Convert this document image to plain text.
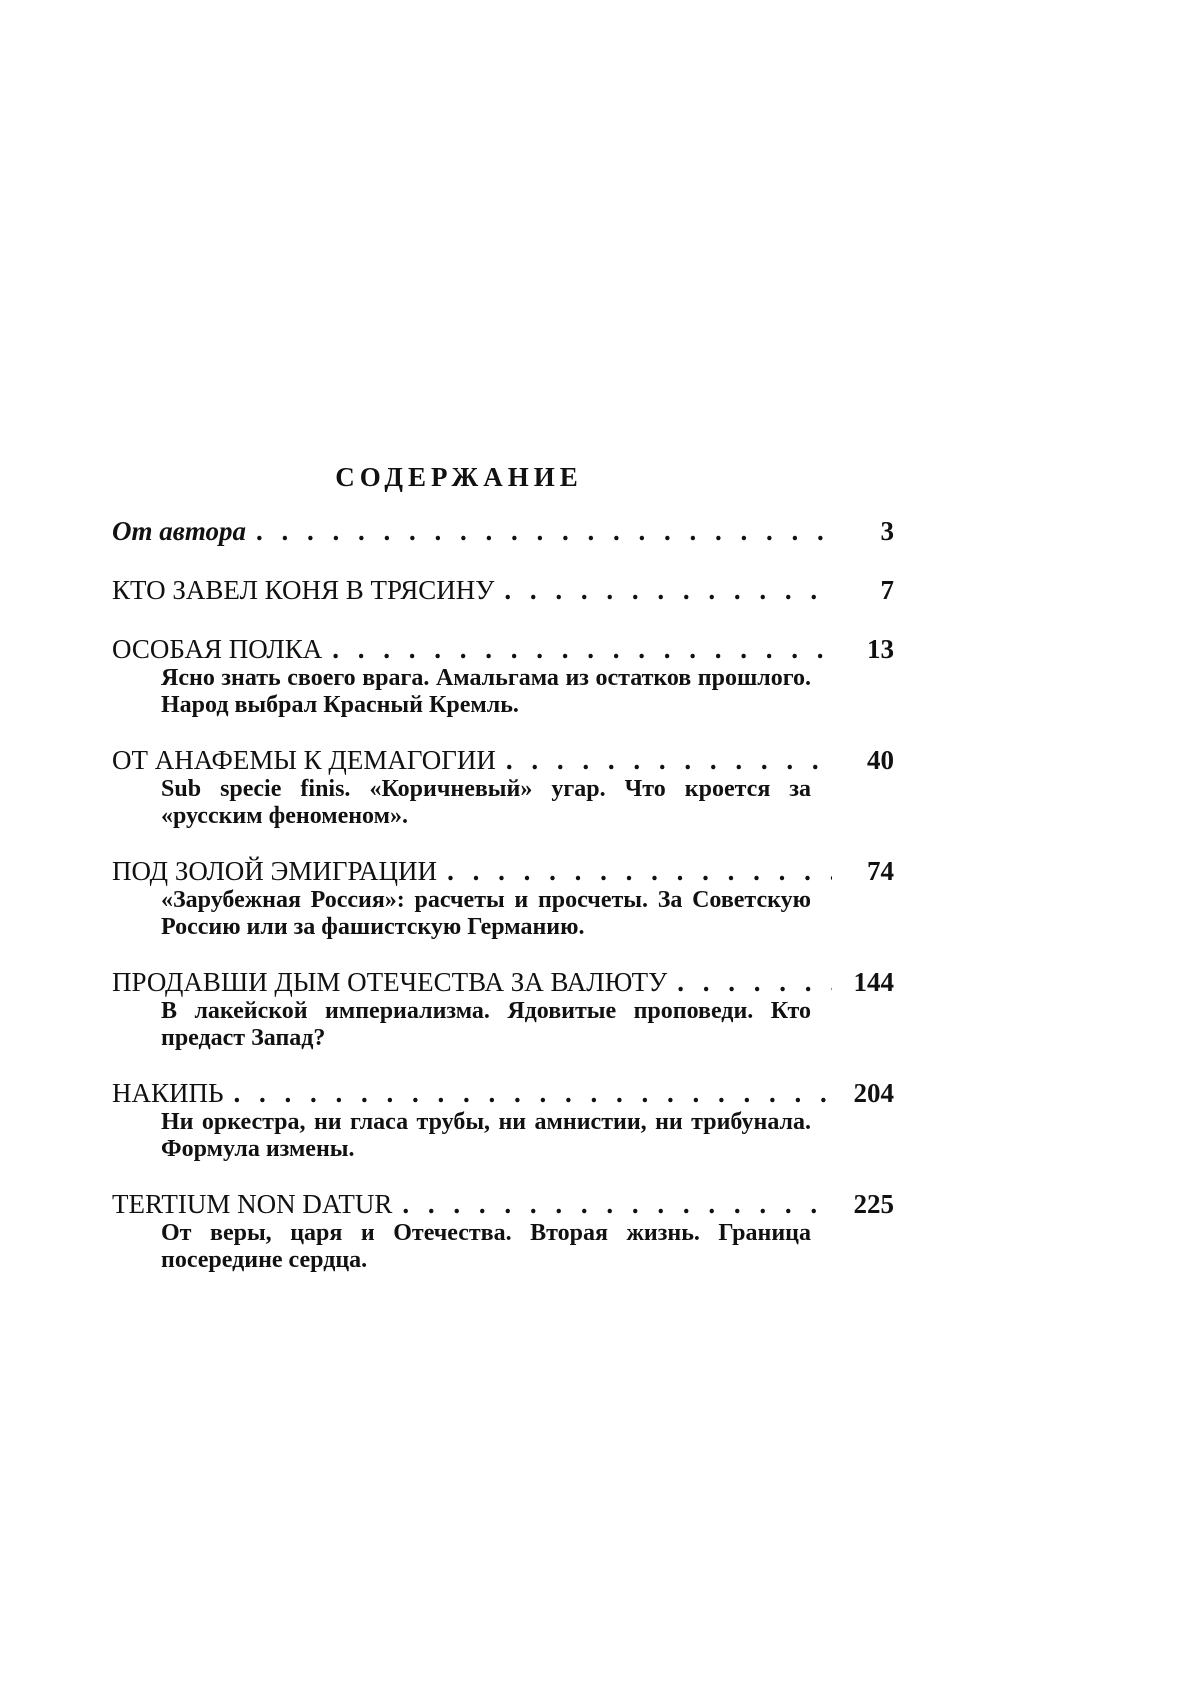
СОДЕРЖАНИЕ
От автора . . .	3
КТО ЗАВЕЛ КОНЯ В ТРЯСИНУ . . .	7
ОСОБАЯ ПОЛКА . . .	13
Ясно знать своего врага. Амальгама из остатков прошлого. Народ выбрал Красный Кремль.
ОТ АНАФЕМЫ К ДЕМАГОГИИ . . .	40
Sub specie finis. «Коричневый» угар. Что кроется за «русским феноменом».
ПОД ЗОЛОЙ ЭМИГРАЦИИ . . .	74
«Зарубежная Россия»: расчеты и просчеты. За Советскую Россию или за фашистскую Германию.
ПРОДАВШИ ДЫМ ОТЕЧЕСТВА ЗА ВАЛЮТУ . . .	144
В лакейской империализма. Ядовитые проповеди. Кто предаст Запад?
НАКИПЬ . . .	204
Ни оркестра, ни гласа трубы, ни амнистии, ни трибунала. Формула измены.
TERTIUM NON DATUR . . .	225
От веры, царя и Отечества. Вторая жизнь. Граница посередине сердца.
